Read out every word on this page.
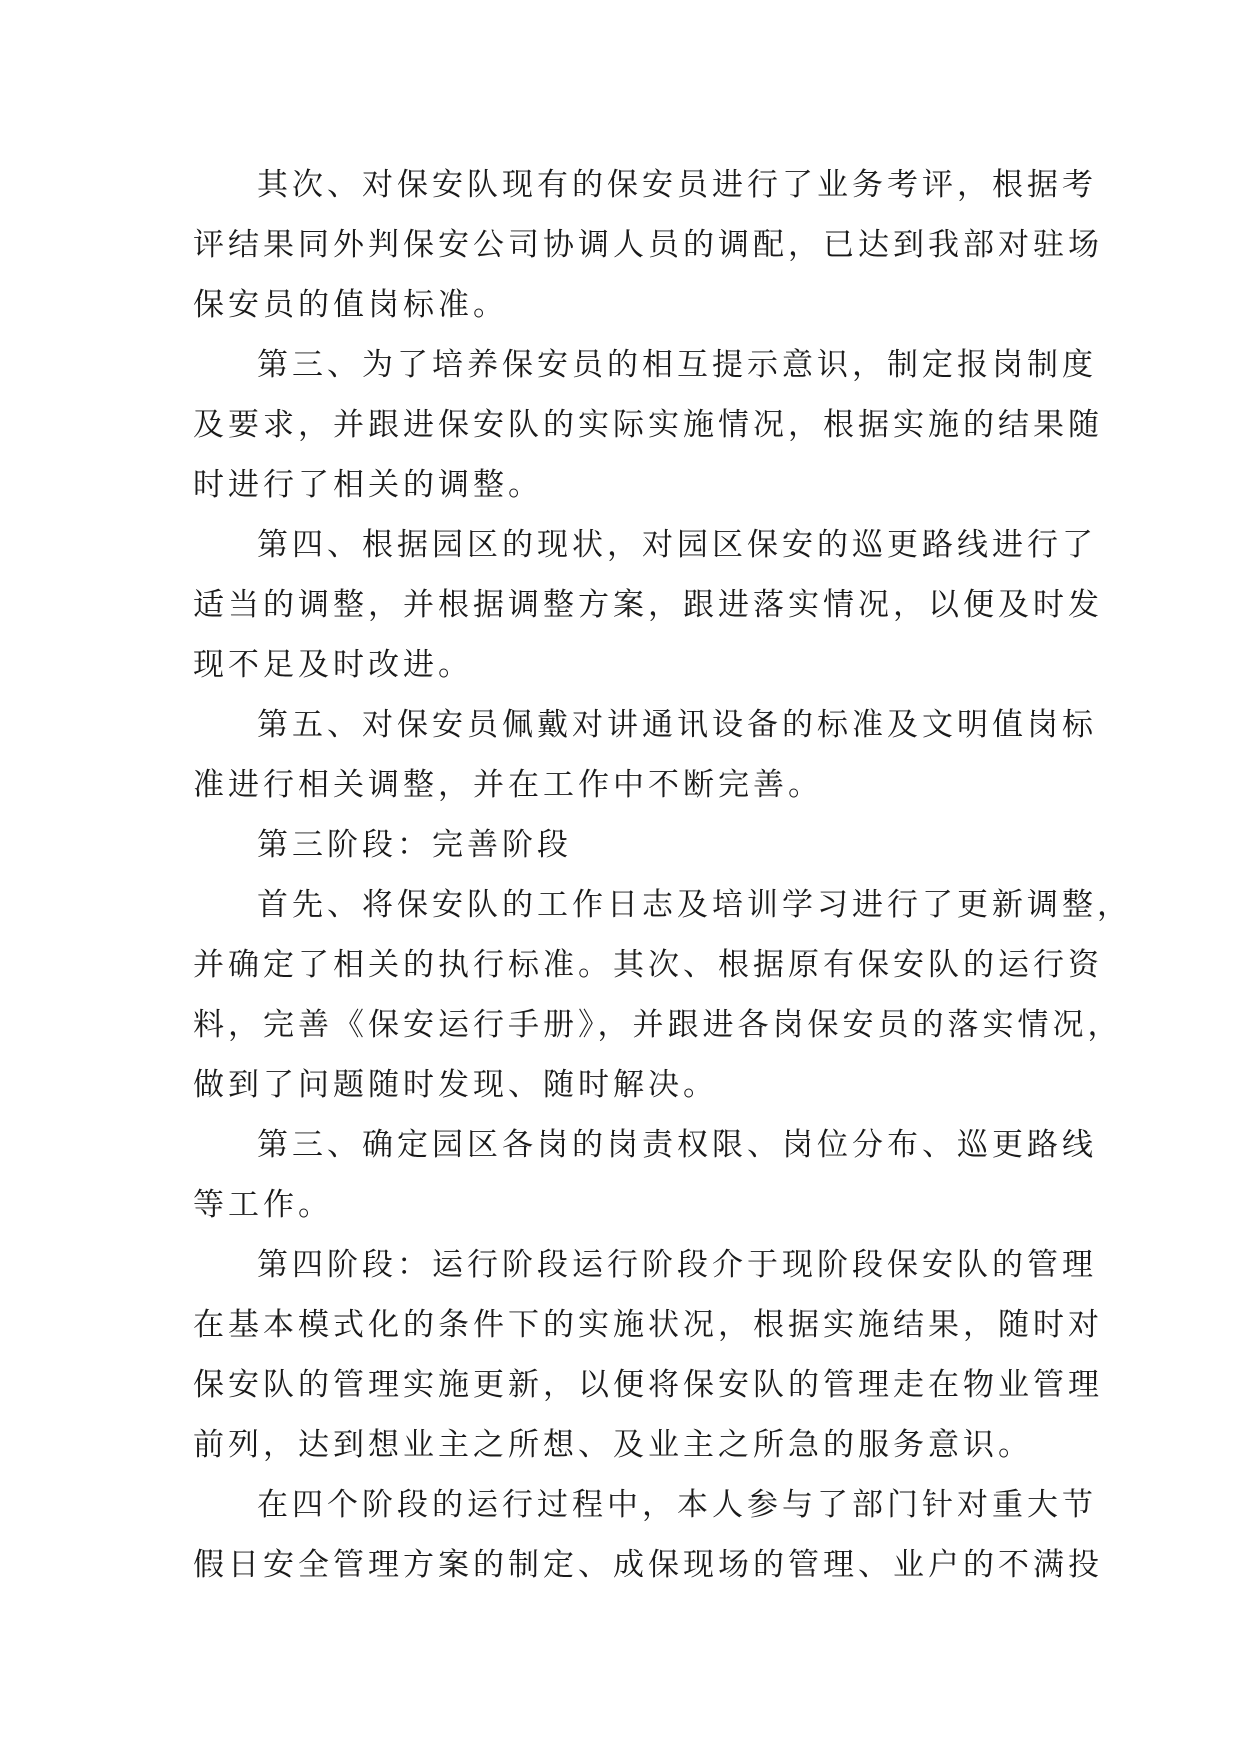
其次、对保安队现有的保安员进行了业务考评，根据考
评结果同外判保安公司协调人员的调配，已达到我部对驻场
保安员的值岗标准。
第三、为了培养保安员的相互提示意识，制定报岗制度
及要求，并跟进保安队的实际实施情况，根据实施的结果随
时进行了相关的调整。
第四、根据园区的现状，对园区保安的巡更路线进行了
适当的调整，并根据调整方案，跟进落实情况，以便及时发
现不足及时改进。
第五、对保安员佩戴对讲通讯设备的标准及文明值岗标
准进行相关调整，并在工作中不断完善。
第三阶段：完善阶段
首先、将保安队的工作日志及培训学习进行了更新调整，
并确定了相关的执行标准。其次、根据原有保安队的运行资
料，完善《保安运行手册》，并跟进各岗保安员的落实情况，
做到了问题随时发现、随时解决。
第三、确定园区各岗的岗责权限、岗位分布、巡更路线
等工作。
第四阶段：运行阶段运行阶段介于现阶段保安队的管理
在基本模式化的条件下的实施状况，根据实施结果，随时对
保安队的管理实施更新，以便将保安队的管理走在物业管理
前列，达到想业主之所想、及业主之所急的服务意识。
在四个阶段的运行过程中，本人参与了部门针对重大节
假日安全管理方案的制定、成保现场的管理、业户的不满投
